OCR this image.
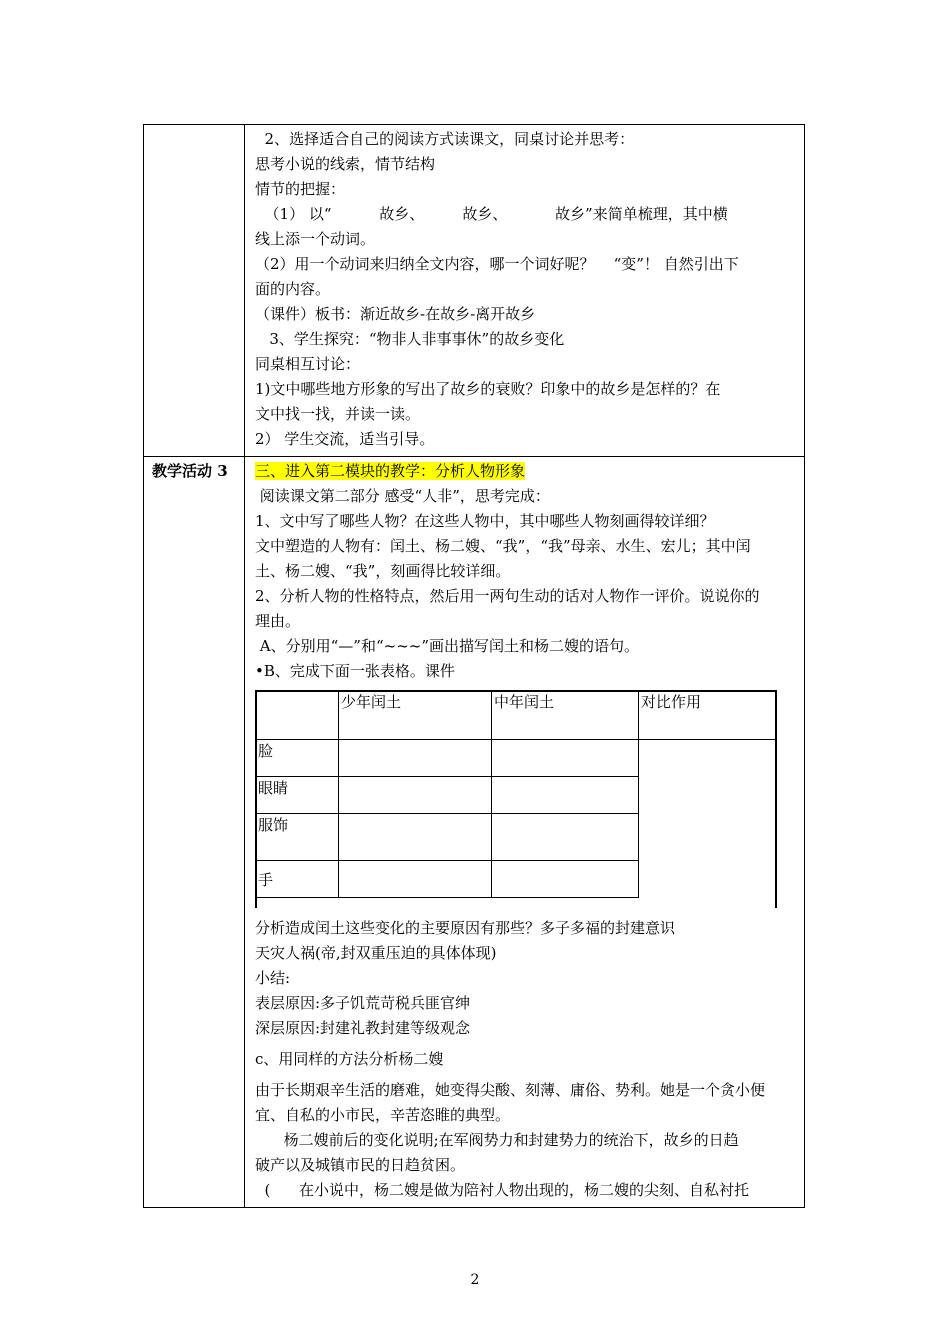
2、选择适合自己的阅读方式读课文，同桌讨论并思考：
思考小说的线索，情节结构
情节的把握：
（1） 以“          故乡、        故乡、          故乡”来简单梳理，其中横
线上添一个动词。
（2）用一个动词来归纳全文内容，哪一个词好呢？    “变”！ 自然引出下
面的内容。
（课件）板书：渐近故乡-在故乡-离开故乡
3、学生探究：“物非人非事事休”的故乡变化
同桌相互讨论：
1)文中哪些地方形象的写出了故乡的衰败？印象中的故乡是怎样的？在
文中找一找，并读一读。
2） 学生交流，适当引导。

教学活动 3	三、进入第二模块的教学：分析人物形象
阅读课文第二部分 感受“人非”，思考完成：
1、文中写了哪些人物？在这些人物中，其中哪些人物刻画得较详细？
文中塑造的人物有：闰土、杨二嫂、“我”，“我”母亲、水生、宏儿；其中闰
土、杨二嫂、“我”，刻画得比较详细。
2、分析人物的性格特点，然后用一两句生动的话对人物作一评价。说说你的
理由。
A、分别用“—”和“~~~”画出描写闰土和杨二嫂的语句。
•B、完成下面一张表格。课件
	少年闰土	中年闰土	对比作用
脸			
眼睛		
服饰		
手		
分析造成闰土这些变化的主要原因有那些？多子多福的封建意识
天灾人祸(帝,封双重压迫的具体体现)
小结:
表层原因:多子饥荒苛税兵匪官绅
深层原因:封建礼教封建等级观念
c、用同样的方法分析杨二嫂
由于长期艰辛生活的磨难，她变得尖酸、刻薄、庸俗、势利。她是一个贪小便
宜、自私的小市民，辛苦恣睢的典型。
杨二嫂前后的变化说明;在军阀势力和封建势力的统治下，故乡的日趋
破产以及城镇市民的日趋贫困。
(      在小说中，杨二嫂是做为陪衬人物出现的，杨二嫂的尖刻、自私衬托
2
